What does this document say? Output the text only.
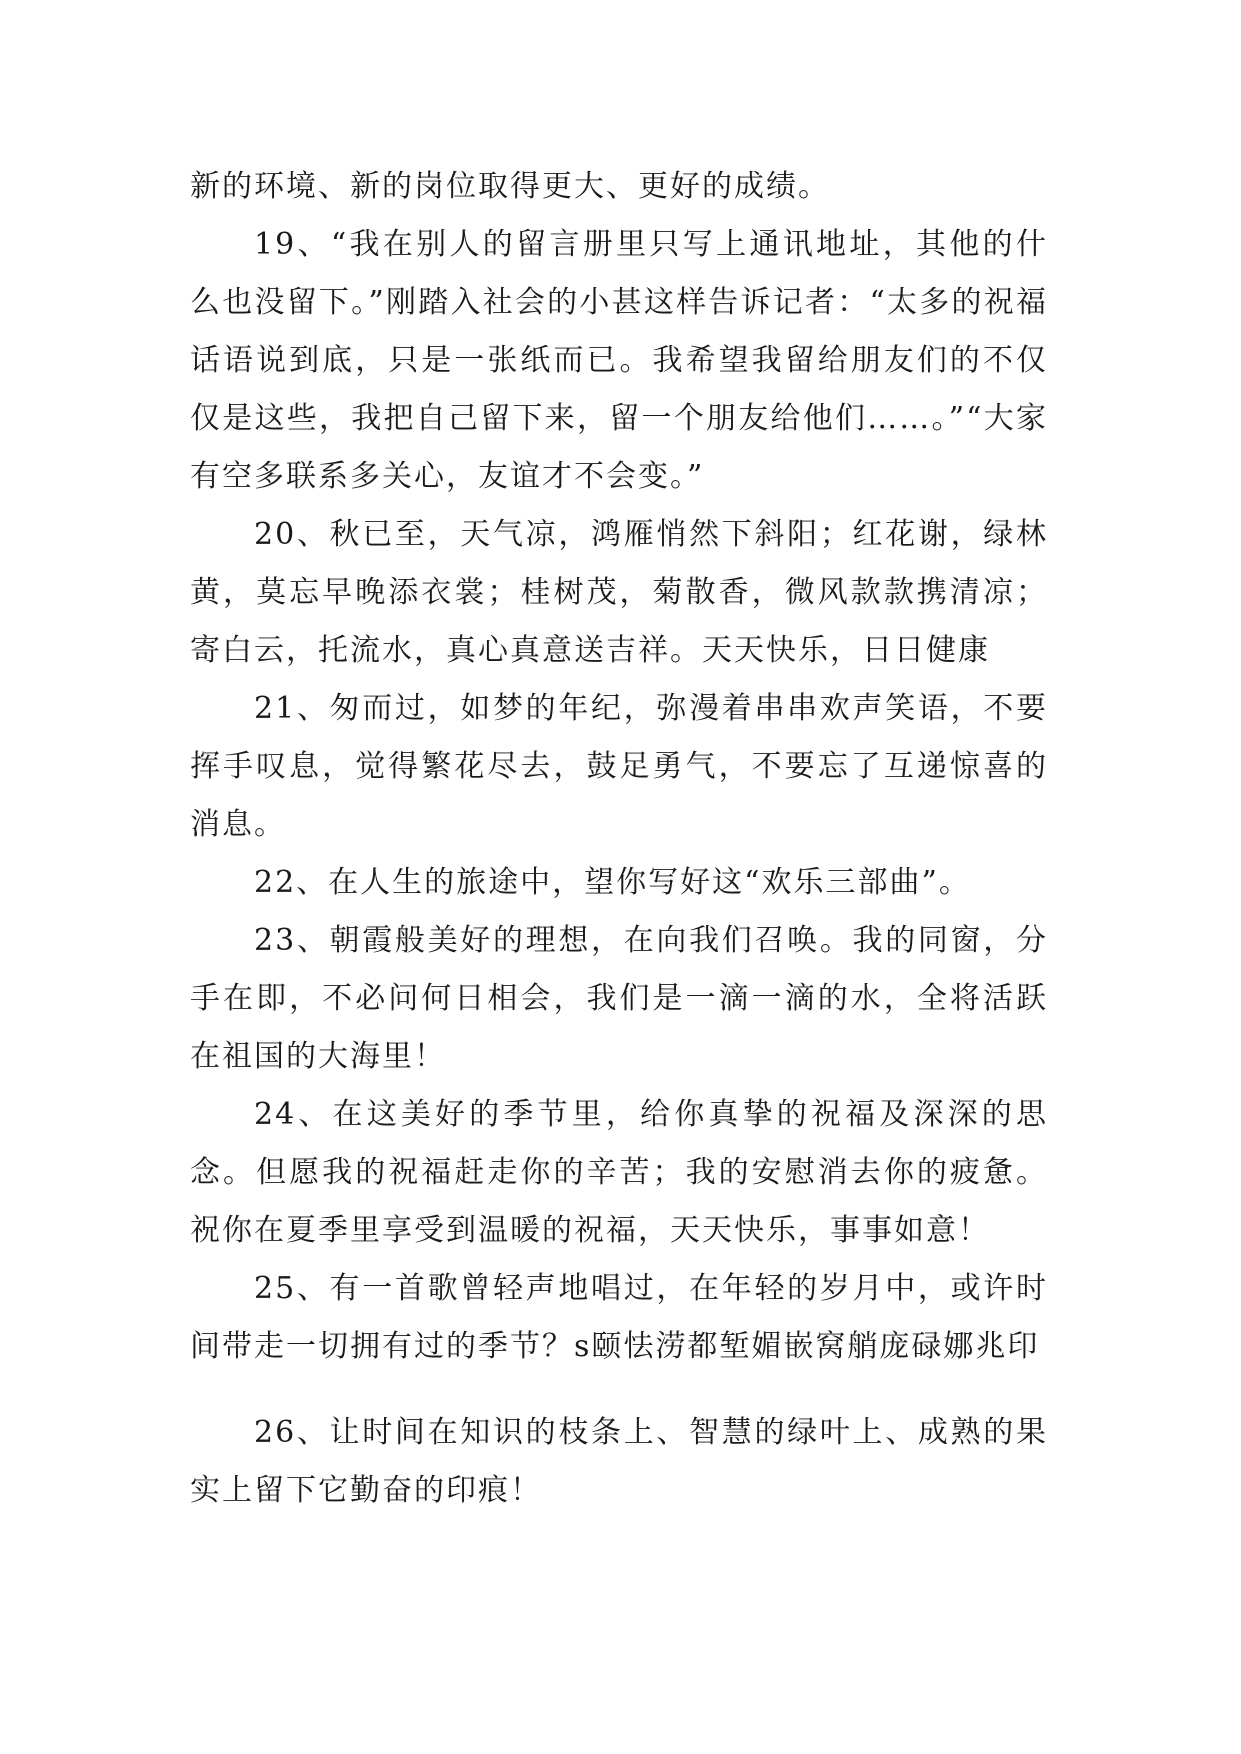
新的环境、新的岗位取得更大、更好的成绩。

19、“我在别人的留言册里只写上通讯地址，其他的什么也没留下。”刚踏入社会的小甚这样告诉记者：“太多的祝福话语说到底，只是一张纸而已。我希望我留给朋友们的不仅仅是这些，我把自己留下来，留一个朋友给他们……。”“大家有空多联系多关心，友谊才不会变。”

20、秋已至，天气凉，鸿雁悄然下斜阳；红花谢，绿林黄，莫忘早晚添衣裳；桂树茂，菊散香，微风款款携清凉；寄白云，托流水，真心真意送吉祥。天天快乐，日日健康

21、匆而过，如梦的年纪，弥漫着串串欢声笑语，不要挥手叹息，觉得繁花尽去，鼓足勇气，不要忘了互递惊喜的消息。

22、在人生的旅途中，望你写好这“欢乐三部曲”。

23、朝霞般美好的理想，在向我们召唤。我的同窗，分手在即，不必问何日相会，我们是一滴一滴的水，全将活跃在祖国的大海里！

24、在这美好的季节里，给你真挚的祝福及深深的思念。但愿我的祝福赶走你的辛苦；我的安慰消去你的疲惫。祝你在夏季里享受到温暖的祝福，天天快乐，事事如意！

25、有一首歌曾轻声地唱过，在年轻的岁月中，或许时间带走一切拥有过的季节？s颐怯涝都堑媚嵌窝艄庞碌娜兆印

26、让时间在知识的枝条上、智慧的绿叶上、成熟的果实上留下它勤奋的印痕！
